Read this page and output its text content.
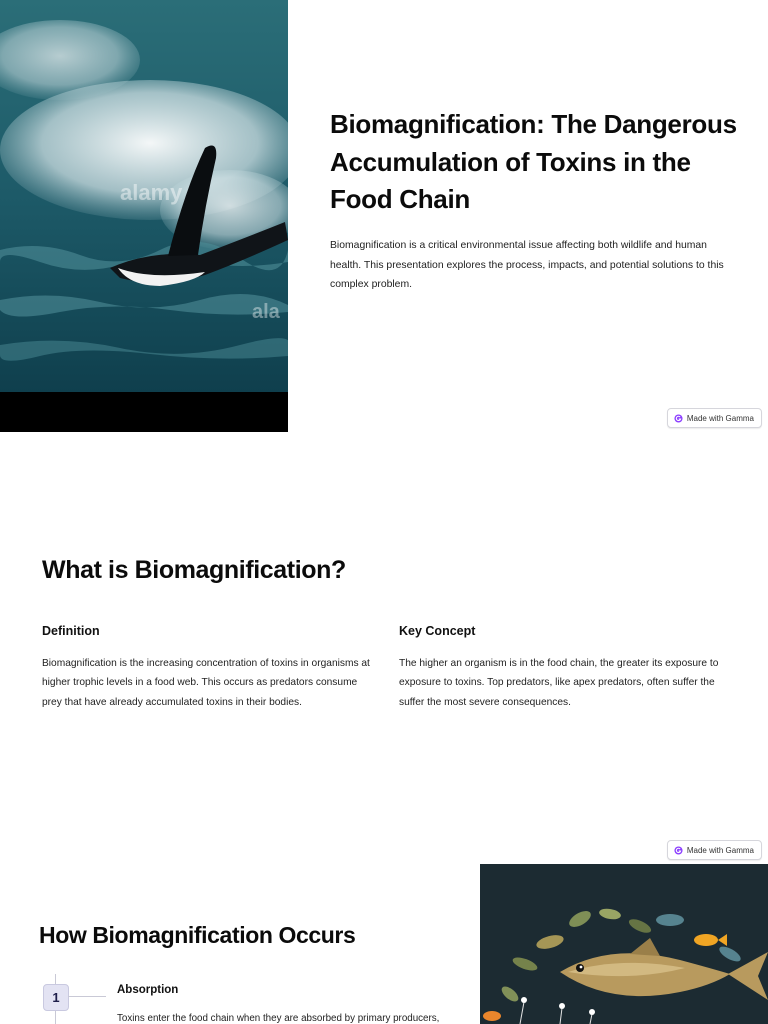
alamy
ala
Biomagnification: The Dangerous Accumulation of Toxins in the Food Chain

Biomagnification is a critical environmental issue affecting both wildlife and human health. This presentation explores the process, impacts, and potential solutions to this complex problem.

Made with Gamma
What is Biomagnification?
Definition

Biomagnification is the increasing concentration of toxins in organisms at higher trophic levels in a food web. This occurs as predators consume prey that have already accumulated toxins in their bodies.

Key Concept

The higher an organism is in the food chain, the greater its exposure to exposure to toxins. Top predators, like apex predators, often suffer the suffer the most severe consequences.

Made with Gamma
How Biomagnification Occurs
1	Absorption

Toxins enter the food chain when they are absorbed by primary producers,
